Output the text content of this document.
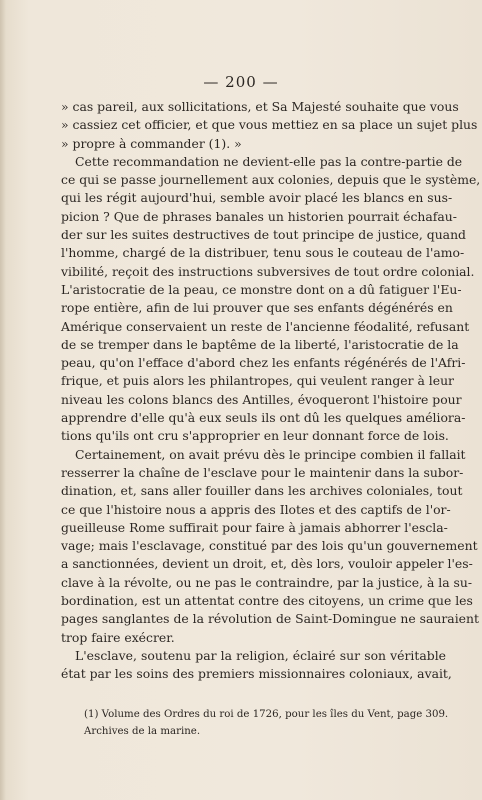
— 200 —
» cas pareil, aux sollicitations, et Sa Majesté souhaite que vous
» cassiez cet officier, et que vous mettiez en sa place un sujet plus
» propre à commander (1). »
Cette recommandation ne devient-elle pas la contre-partie de
ce qui se passe journellement aux colonies, depuis que le système,
qui les régit aujourd'hui, semble avoir placé les blancs en sus-
picion ? Que de phrases banales un historien pourrait échafau-
der sur les suites destructives de tout principe de justice, quand
l'homme, chargé de la distribuer, tenu sous le couteau de l'amo-
vibilité, reçoit des instructions subversives de tout ordre colonial.
L'aristocratie de la peau, ce monstre dont on a dû fatiguer l'Eu-
rope entière, afin de lui prouver que ses enfants dégénérés en
Amérique conservaient un reste de l'ancienne féodalité, refusant
de se tremper dans le baptême de la liberté, l'aristocratie de la
peau, qu'on l'efface d'abord chez les enfants régénérés de l'Afri-
frique, et puis alors les philantropes, qui veulent ranger à leur
niveau les colons blancs des Antilles, évoqueront l'histoire pour
apprendre d'elle qu'à eux seuls ils ont dû les quelques améliora-
tions qu'ils ont cru s'approprier en leur donnant force de lois.
Certainement, on avait prévu dès le principe combien il fallait
resserrer la chaîne de l'esclave pour le maintenir dans la subor-
dination, et, sans aller fouiller dans les archives coloniales, tout
ce que l'histoire nous a appris des Ilotes et des captifs de l'or-
gueilleuse Rome suffirait pour faire à jamais abhorrer l'escla-
vage; mais l'esclavage, constitué par des lois qu'un gouvernement
a sanctionnées, devient un droit, et, dès lors, vouloir appeler l'es-
clave à la révolte, ou ne pas le contraindre, par la justice, à la su-
bordination, est un attentat contre des citoyens, un crime que les
pages sanglantes de la révolution de Saint-Domingue ne sauraient
trop faire exécrer.
L'esclave, soutenu par la religion, éclairé sur son véritable
état par les soins des premiers missionnaires coloniaux, avait,
(1) Volume des Ordres du roi de 1726, pour les îles du Vent, page 309.
Archives de la marine.
